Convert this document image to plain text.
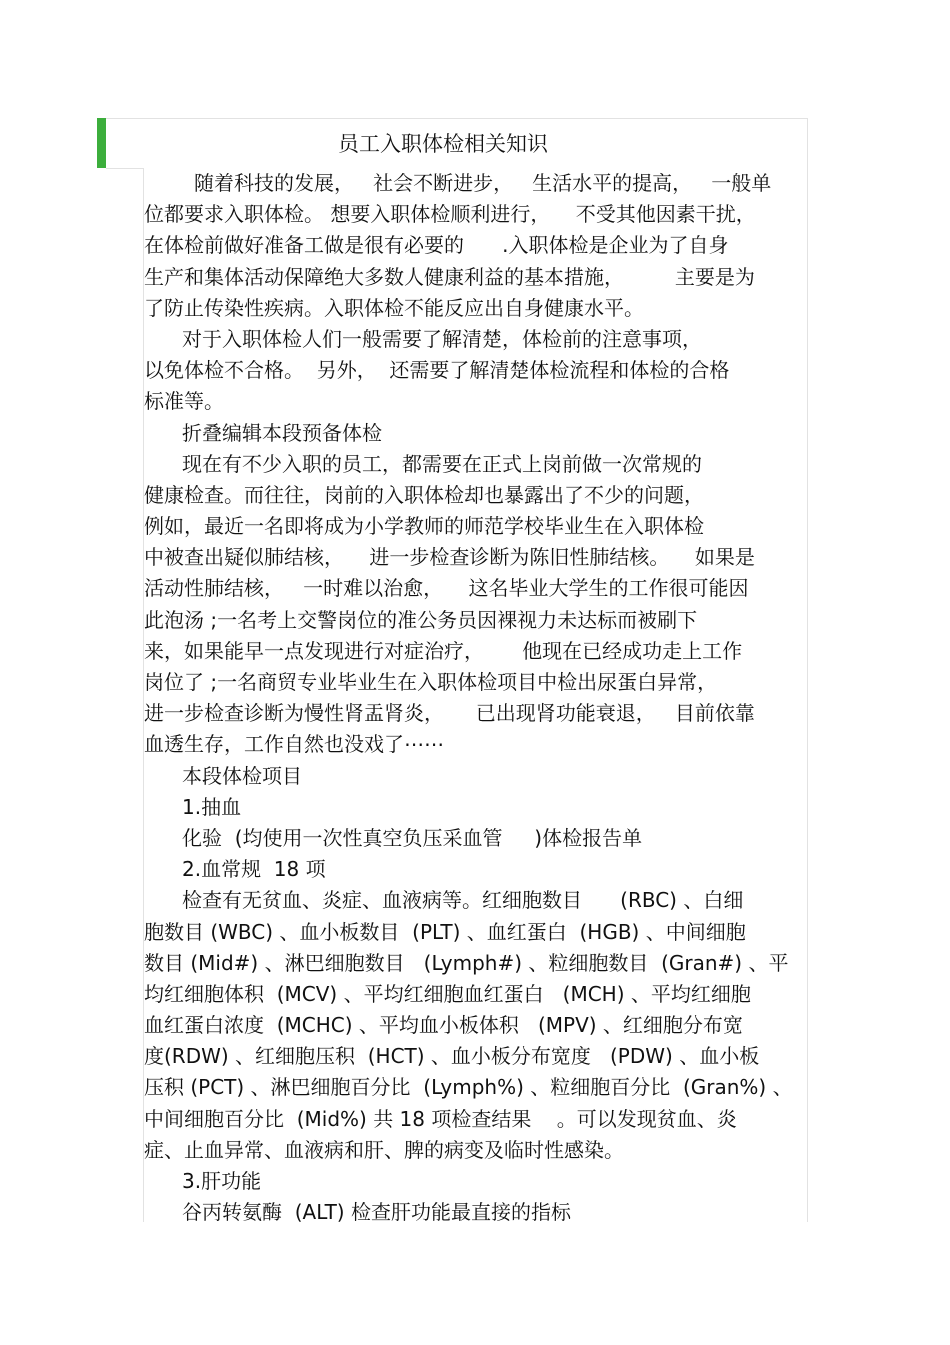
员工入职体检相关知识
随着科技的发展，   社会不断进步，   生活水平的提高，   一般单
位都要求入职体检。 想要入职体检顺利进行，    不受其他因素干扰，
在体检前做好准备工做是很有必要的      .入职体检是企业为了自身
生产和集体活动保障绝大多数人健康利益的基本措施，        主要是为
了防止传染性疾病。入职体检不能反应出自身健康水平。
对于入职体检人们一般需要了解清楚，体检前的注意事项，
以免体检不合格。  另外，  还需要了解清楚体检流程和体检的合格
标准等。
折叠编辑本段预备体检
现在有不少入职的员工，都需要在正式上岗前做一次常规的
健康检查。而往往，岗前的入职体检却也暴露出了不少的问题，
例如，最近一名即将成为小学教师的师范学校毕业生在入职体检
中被查出疑似肺结核，    进一步检查诊断为陈旧性肺结核。    如果是
活动性肺结核，   一时难以治愈，    这名毕业大学生的工作很可能因
此泡汤 ;一名考上交警岗位的准公务员因裸视力未达标而被刷下
来，如果能早一点发现进行对症治疗，      他现在已经成功走上工作
岗位了 ;一名商贸专业毕业生在入职体检项目中检出尿蛋白异常，
进一步检查诊断为慢性肾盂肾炎，     已出现肾功能衰退，   目前依靠
血透生存，工作自然也没戏了⋯⋯
本段体检项目
1.抽血
化验  (均使用一次性真空负压采血管     )体检报告单
2.血常规  18 项
检查有无贫血、炎症、血液病等。红细胞数目      (RBC) 、白细
胞数目 (WBC) 、血小板数目  (PLT) 、血红蛋白  (HGB) 、中间细胞
数目 (Mid#) 、淋巴细胞数目   (Lymph#) 、粒细胞数目  (Gran#) 、平
均红细胞体积  (MCV) 、平均红细胞血红蛋白   (MCH) 、平均红细胞
血红蛋白浓度  (MCHC) 、平均血小板体积   (MPV) 、红细胞分布宽
度(RDW) 、红细胞压积  (HCT) 、血小板分布宽度   (PDW) 、血小板
压积 (PCT) 、淋巴细胞百分比  (Lymph%) 、粒细胞百分比  (Gran%) 、
中间细胞百分比  (Mid%) 共 18 项检查结果    。可以发现贫血、炎
症、止血异常、血液病和肝、脾的病变及临时性感染。
3.肝功能
谷丙转氨酶  (ALT) 检查肝功能最直接的指标
